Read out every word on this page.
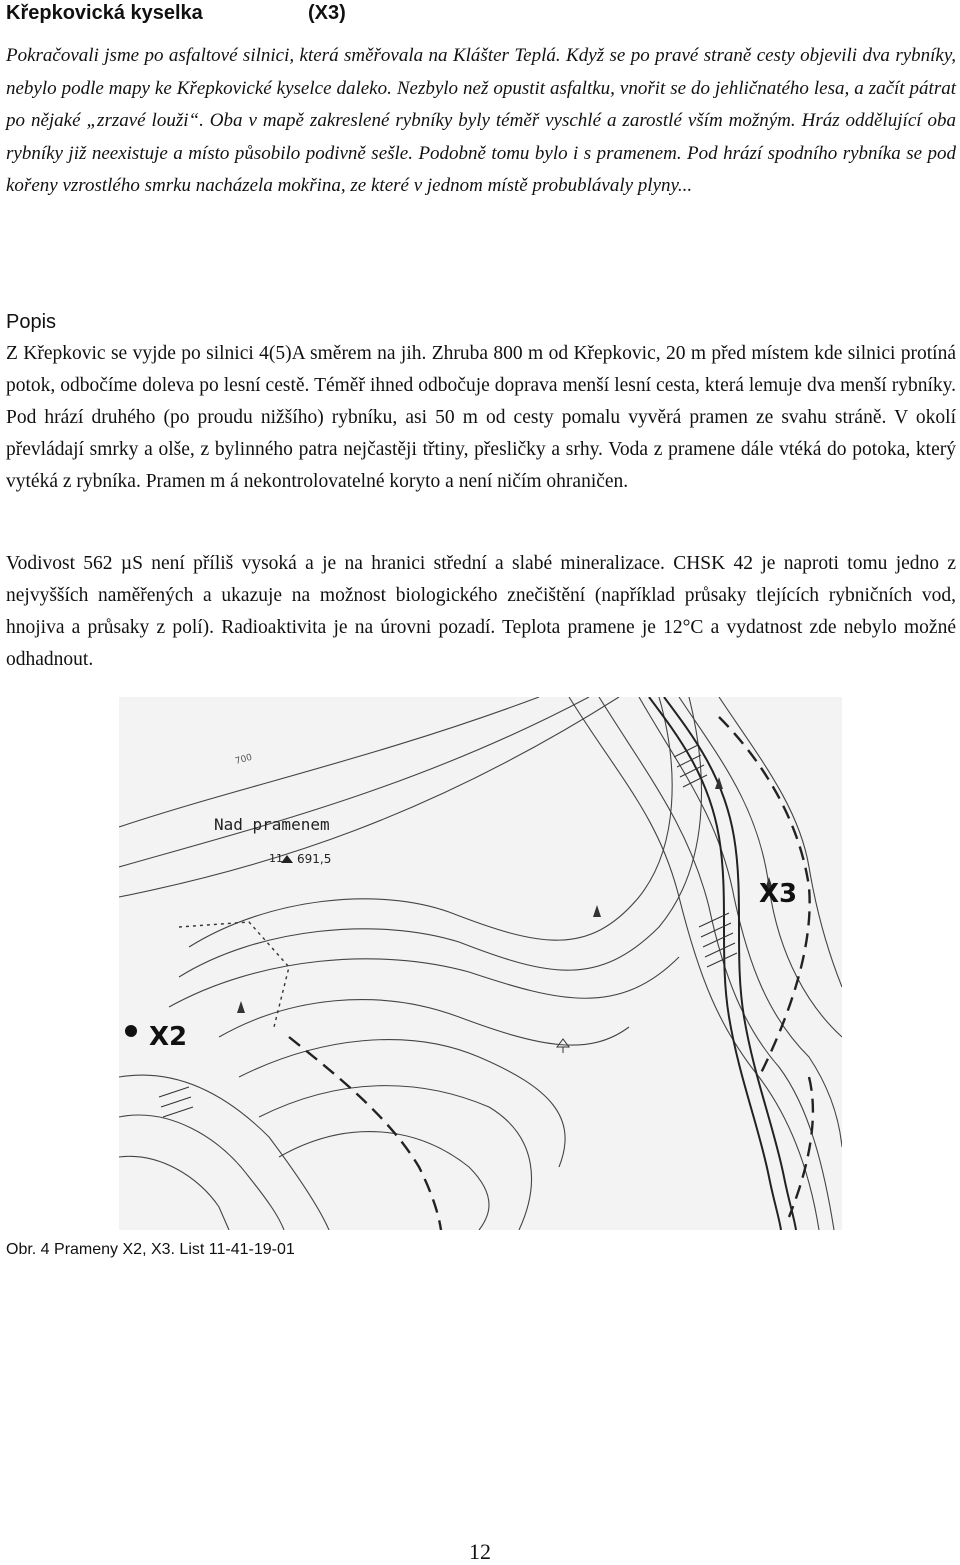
Křepkovická kyselka	(X3)

Pokračovali jsme po asfaltové silnici, která směřovala na Klášter Teplá. Když se po pravé straně cesty objevili dva rybníky, nebylo podle mapy ke Křepkovické kyselce daleko. Nezbylo než opustit asfaltku, vnořit se do jehličnatého lesa, a začít pátrat po nějaké „zrzavé louži“. Oba v mapě zakreslené rybníky byly téměř vyschlé a zarostlé vším možným. Hráz oddělující oba rybníky již neexistuje a místo působilo podivně sešle. Podobně tomu bylo i s pramenem. Pod hrází spodního rybníka se pod kořeny vzrostlého smrku nacházela mokřina, ze které v jednom místě probublávaly plyny...

Popis

Z Křepkovic se vyjde po silnici 4(5)A směrem na jih. Zhruba 800 m od Křepkovic, 20 m před místem kde silnici protíná potok, odbočíme doleva po lesní cestě. Téměř ihned odbočuje doprava menší lesní cesta, která lemuje dva menší rybníky. Pod hrází druhého (po proudu nižšího) rybníku, asi 50 m od cesty pomalu vyvěrá pramen ze svahu stráně. V okolí převládají smrky a olše, z bylinného patra nejčastěji třtiny, přesličky a srhy. Voda z pramene dále vtéká do potoka, který vytéká z rybníka. Pramen m á nekontrolovatelné koryto a není ničím ohraničen.

Vodivost 562 µS není příliš vysoká a je na hranici střední a slabé mineralizace. CHSK 42 je naproti tomu jedno z nejvyšších naměřených a ukazuje na možnost biologického znečištění (například průsaky tlejících rybničních vod, hnojiva a průsaky z polí). Radioaktivita je na úrovni pozadí. Teplota pramene je 12°C a vydatnost zde nebylo možné odhadnout.

Nad pramenem
11 691,5
700
X2
X3
Obr. 4 Prameny X2, X3. List 11-41-19-01
12
